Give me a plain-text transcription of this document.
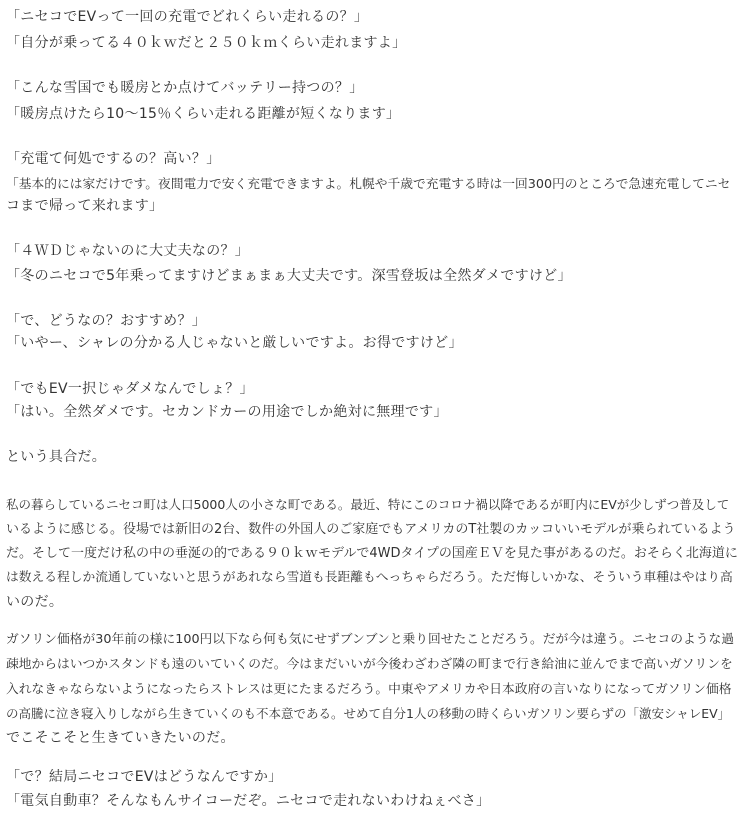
「ニセコでEVって一回の充電でどれくらい走れるの？」
「自分が乗ってる４０ｋｗだと２５０ｋｍくらい走れますよ」
「こんな雪国でも暖房とか点けてバッテリー持つの？」
「暖房点けたら10〜15％くらい走れる距離が短くなります」
「充電て何処でするの？高い？」
「基本的には家だけです。夜間電力で安く充電できますよ。札幌や千歳で充電する時は一回300円のところで急速充電してニセ
コまで帰って来れます」
「４ＷＤじゃないのに大丈夫なの？」
「冬のニセコで5年乗ってますけどまぁまぁ大丈夫です。深雪登坂は全然ダメですけど」
「で、どうなの？おすすめ？」
「いやー、シャレの分かる人じゃないと厳しいですよ。お得ですけど」
「でもEV一択じゃダメなんでしょ？」
「はい。全然ダメです。セカンドカーの用途でしか絶対に無理です」
という具合だ。
私の暮らしているニセコ町は人口5000人の小さな町である。最近、特にこのコロナ禍以降であるが町内にEVが少しずつ普及して
いるように感じる。役場では新旧の2台、数件の外国人のご家庭でもアメリカのT社製のカッコいいモデルが乗られているよう
だ。そして一度だけ私の中の垂涎の的である９０ｋｗモデルで4WDタイプの国産ＥＶを見た事があるのだ。おそらく北海道に
は数える程しか流通していないと思うがあれなら雪道も長距離もへっちゃらだろう。ただ悔しいかな、そういう車種はやはり高
いのだ。
ガソリン価格が30年前の様に100円以下なら何も気にせずブンブンと乗り回せたことだろう。だが今は違う。ニセコのような過
疎地からはいつかスタンドも遠のいていくのだ。今はまだいいが今後わざわざ隣の町まで行き給油に並んでまで高いガソリンを
入れなきゃならないようになったらストレスは更にたまるだろう。中東やアメリカや日本政府の言いなりになってガソリン価格
の高騰に泣き寝入りしながら生きていくのも不本意である。せめて自分1人の移動の時くらいガソリン要らずの「激安シャレEV」
でこそこそと生きていきたいのだ。
「で？結局ニセコでEVはどうなんですか」
「電気自動車？そんなもんサイコーだぞ。ニセコで走れないわけねぇべさ」
